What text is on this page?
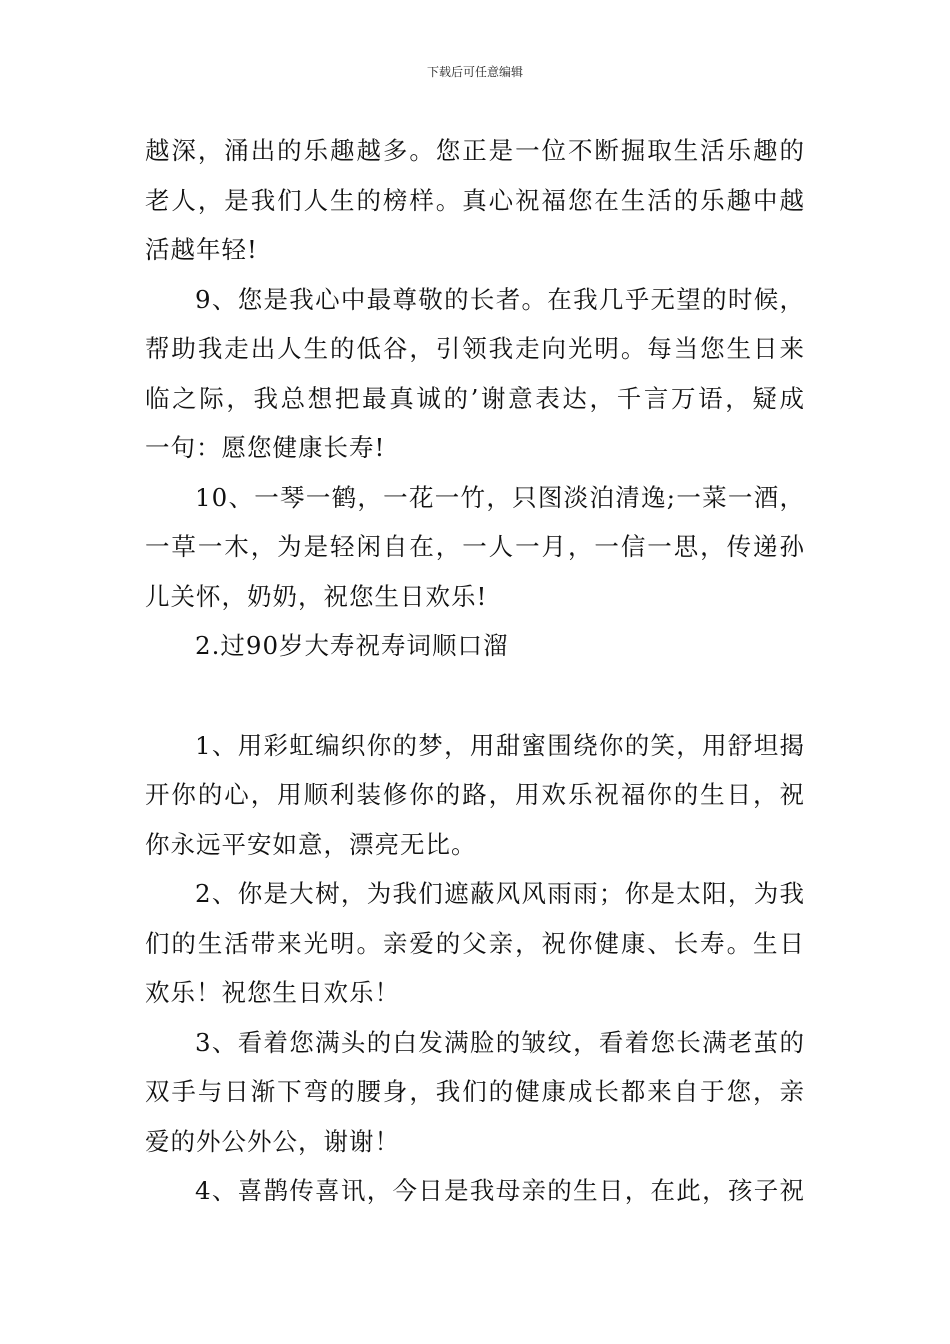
下载后可任意编辑
越深，涌出的乐趣越多。您正是一位不断掘取生活乐趣的
老人，是我们人生的榜样。真心祝福您在生活的乐趣中越
活越年轻!
9、您是我心中最尊敬的长者。在我几乎无望的时候，
帮助我走出人生的低谷，引领我走向光明。每当您生日来
临之际，我总想把最真诚的’谢意表达，千言万语，疑成
一句：愿您健康长寿!
10、一琴一鹤，一花一竹，只图淡泊清逸;一菜一酒，
一草一木，为是轻闲自在，一人一月，一信一思，传递孙
儿关怀，奶奶，祝您生日欢乐!
2.过90岁大寿祝寿词顺口溜
1、用彩虹编织你的梦，用甜蜜围绕你的笑，用舒坦揭
开你的心，用顺利装修你的路，用欢乐祝福你的生日，祝
你永远平安如意，漂亮无比。
2、你是大树，为我们遮蔽风风雨雨；你是太阳，为我
们的生活带来光明。亲爱的父亲，祝你健康、长寿。生日
欢乐！祝您生日欢乐！
3、看着您满头的白发满脸的皱纹，看着您长满老茧的
双手与日渐下弯的腰身，我们的健康成长都来自于您，亲
爱的外公外公，谢谢！
4、喜鹊传喜讯，今日是我母亲的生日，在此，孩子祝
